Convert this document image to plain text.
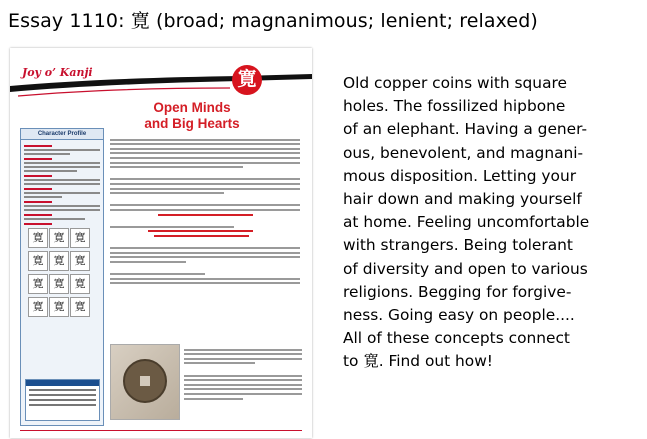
Essay 1110: 寛 (broad; magnanimous; lenient; relaxed)
Joy o’ Kanji	寛
Open Minds
and Big Hearts
Character Profile
寛 寛 寛
寛 寛 寛
寛 寛 寛
寛 寛 寛
Old copper coins with square
holes. The fossilized hipbone
of an elephant. Having a gener-
ous, benevolent, and magnani-
mous disposition. Letting your
hair down and making yourself
at home. Feeling uncomfortable
with strangers. Being tolerant
of diversity and open to various
religions. Begging for forgive-
ness. Going easy on people....
All of these concepts connect
to 寛. Find out how!
